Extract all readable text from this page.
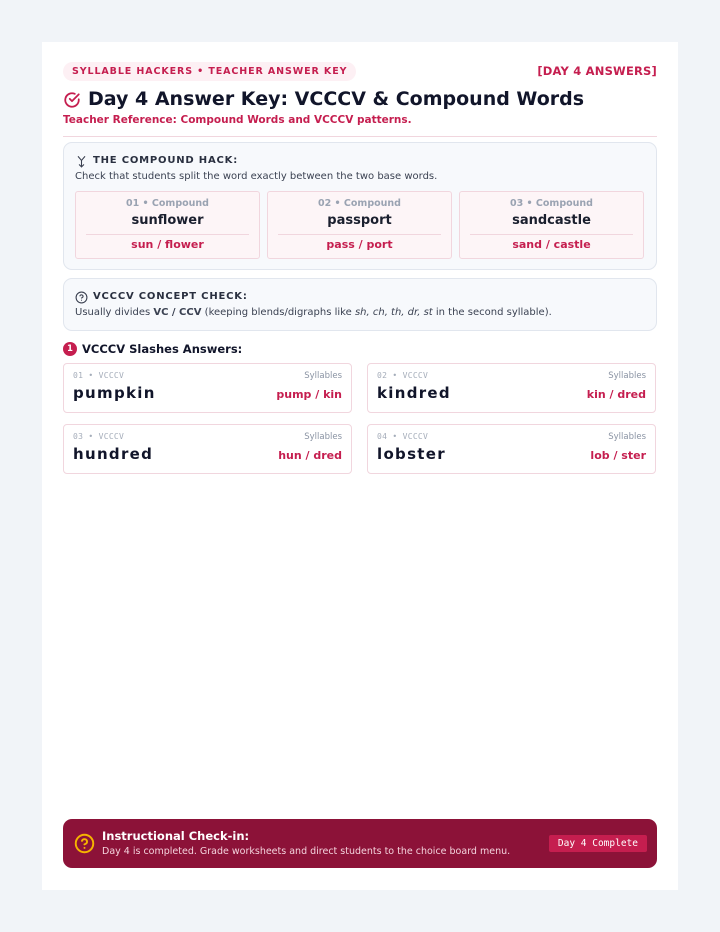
SYLLABLE HACKERS • TEACHER ANSWER KEY	[DAY 4 ANSWERS]
Day 4 Answer Key: VCCCV & Compound Words
Teacher Reference: Compound Words and VCCCV patterns.
THE COMPOUND HACK:
Check that students split the word exactly between the two base words.
01 • Compound
sunflower
sun / flower
02 • Compound
passport
pass / port
03 • Compound
sandcastle
sand / castle
VCCCV CONCEPT CHECK:
Usually divides VC / CCV (keeping blends/digraphs like sh, ch, th, dr, st in the second syllable).
1 VCCCV Slashes Answers:
01 • VCCCV	Syllables
pumpkin	pump / kin
02 • VCCCV	Syllables
kindred	kin / dred
03 • VCCCV	Syllables
hundred	hun / dred
04 • VCCCV	Syllables
lobster	lob / ster
Instructional Check-in:
Day 4 is completed. Grade worksheets and direct students to the choice board menu.
Day 4 Complete
